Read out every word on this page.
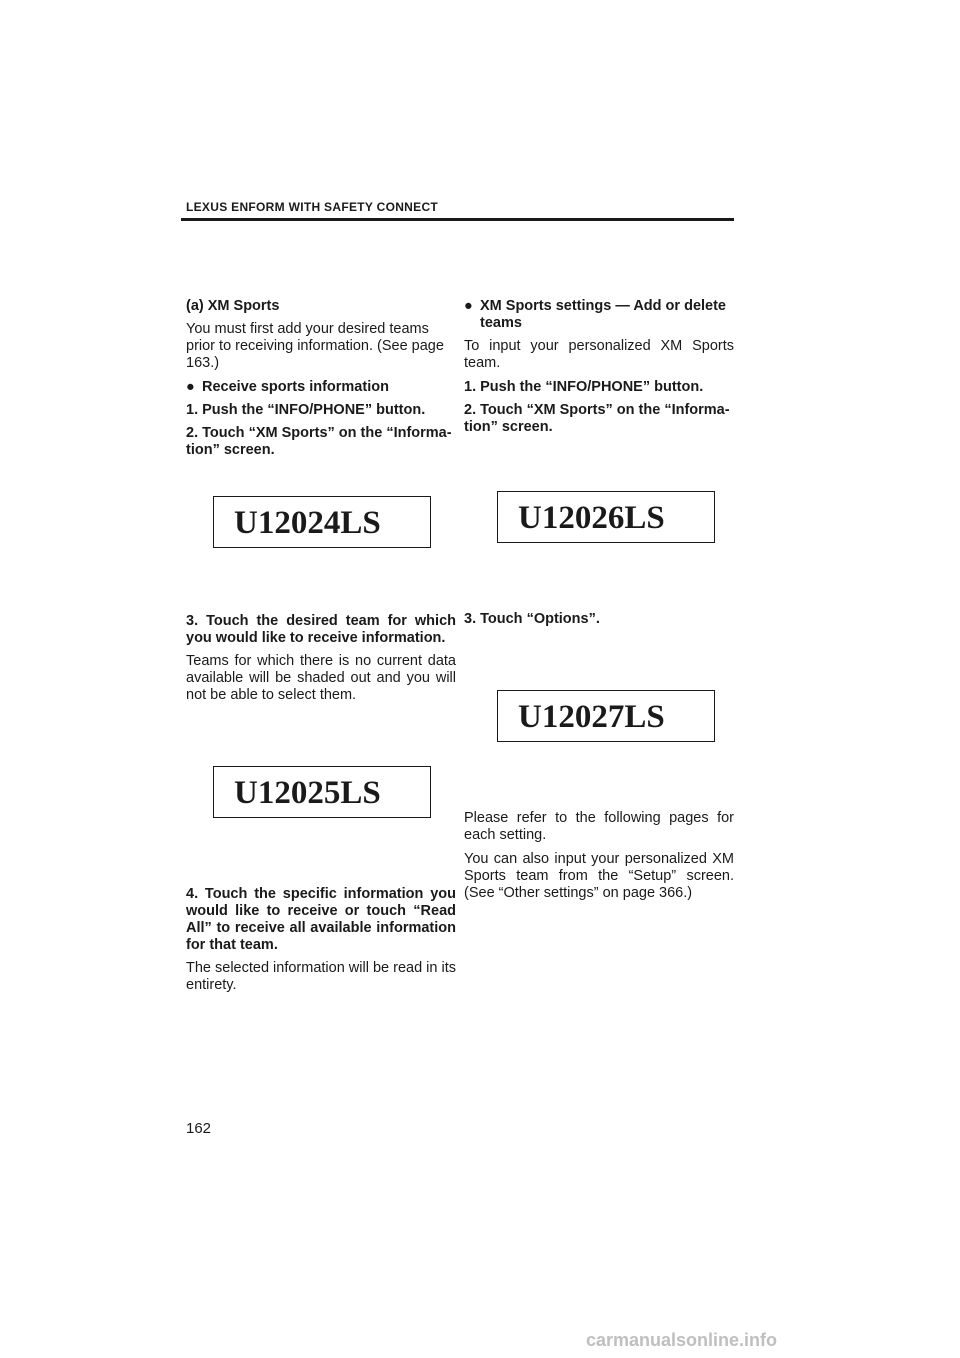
LEXUS ENFORM WITH SAFETY CONNECT

(a) XM Sports

You must first add your desired teams prior to receiving information. (See page 163.)

● Receive sports information

1. Push the “INFO/PHONE” button.

2. Touch “XM Sports” on the “Informa-tion” screen.

U12024LS

3. Touch the desired team for which you would like to receive information.

Teams for which there is no current data available will be shaded out and you will not be able to select them.

U12025LS

4. Touch the specific information you would like to receive or touch “Read All” to receive all available information for that team.

The selected information will be read in its entirety.

● XM Sports settings — Add or delete teams

To input your personalized XM Sports team.

1. Push the “INFO/PHONE” button.

2. Touch “XM Sports” on the “Informa-tion” screen.

U12026LS

3. Touch “Options”.

U12027LS

Please refer to the following pages for each setting.

You can also input your personalized XM Sports team from the “Setup” screen. (See “Other settings” on page 366.)

162
carmanualsonline.info
